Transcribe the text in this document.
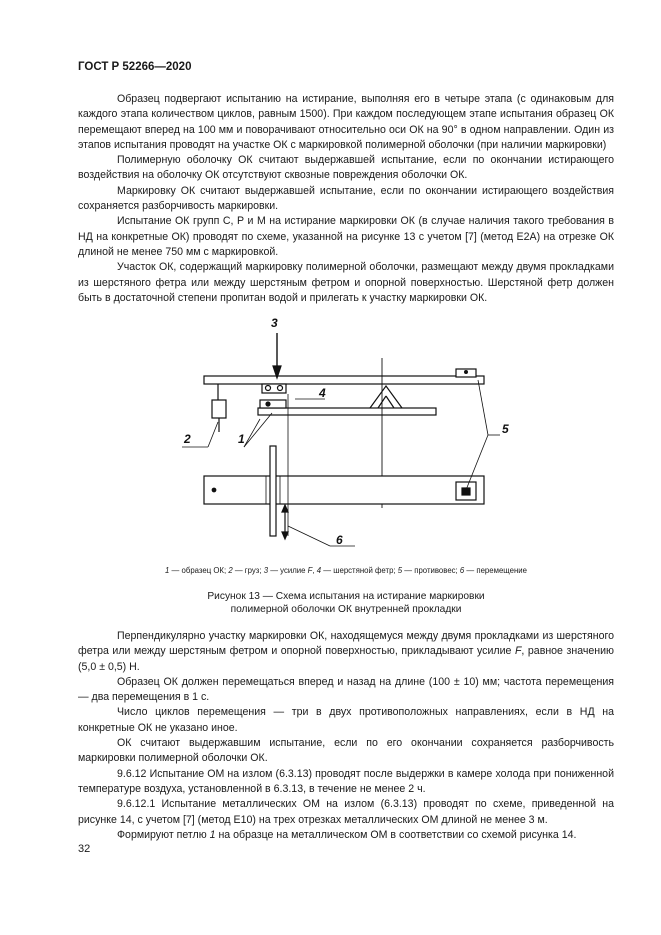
ГОСТ Р 52266—2020

Образец подвергают испытанию на истирание, выполняя его в четыре этапа (с одинаковым для каждого этапа количеством циклов, равным 1500). При каждом последующем этапе испытания образец ОК перемещают вперед на 100 мм и поворачивают относительно оси ОК на 90° в одном направлении. Один из этапов испытания проводят на участке ОК с маркировкой полимерной оболочки (при наличии маркировки)

Полимерную оболочку ОК считают выдержавшей испытание, если по окончании истирающего воздействия на оболочку ОК отсутствуют сквозные повреждения оболочки ОК.

Маркировку ОК считают выдержавшей испытание, если по окончании истирающего воздействия сохраняется разборчивость маркировки.

Испытание ОК групп С, Р и М на истирание маркировки ОК (в случае наличия такого требования в НД на конкретные ОК) проводят по схеме, указанной на рисунке 13 с учетом [7] (метод Е2А) на отрезке ОК длиной не менее 750 мм с маркировкой.

Участок ОК, содержащий маркировку полимерной оболочки, размещают между двумя прокладками из шерстяного фетра или между шерстяным фетром и опорной поверхностью. Шерстяной фетр должен быть в достаточной степени пропитан водой и прилегать к участку маркировки ОК.

3
4
2	1
5
6
1 — образец ОК; 2 — груз; 3 — усилие F, 4 — шерстяной фетр; 5 — противовес; 6 — перемещение
Рисунок 13 — Схема испытания на истирание маркировки
полимерной оболочки ОК внутренней прокладки

Перпендикулярно участку маркировки ОК, находящемуся между двумя прокладками из шерстяного фетра или между шерстяным фетром и опорной поверхностью, прикладывают усилие F, равное значению (5,0 ± 0,5) Н.

Образец ОК должен перемещаться вперед и назад на длине (100 ± 10) мм; частота перемещения — два перемещения в 1 с.

Число циклов перемещения — три в двух противоположных направлениях, если в НД на конкретные ОК не указано иное.

ОК считают выдержавшим испытание, если по его окончании сохраняется разборчивость маркировки полимерной оболочки ОК.

9.6.12 Испытание ОМ на излом (6.3.13) проводят после выдержки в камере холода при пониженной температуре воздуха, установленной в 6.3.13, в течение не менее 2 ч.

9.6.12.1 Испытание металлических ОМ на излом (6.3.13) проводят по схеме, приведенной на рисунке 14, с учетом [7] (метод Е10) на трех отрезках металлических ОМ длиной не менее 3 м.

Формируют петлю 1 на образце на металлическом ОМ в соответствии со схемой рисунка 14.

32
